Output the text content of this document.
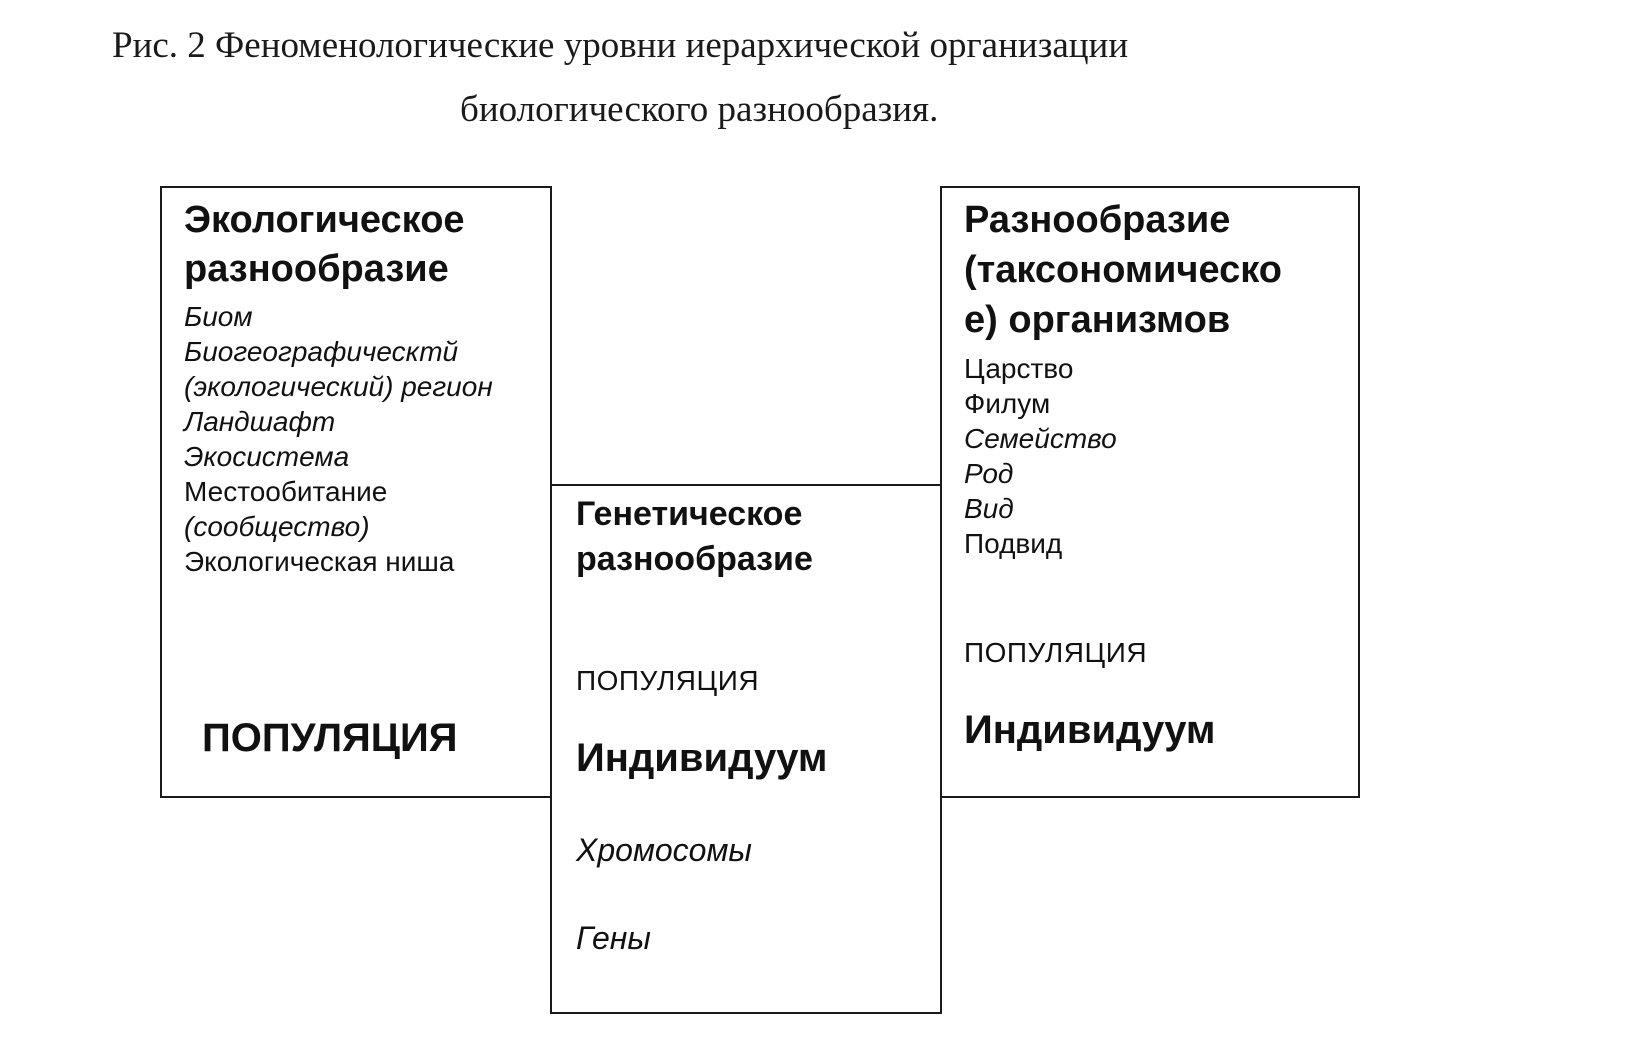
Рис. 2 Феноменологические уровни иерархической организации
биологического разнообразия.
Экологическое
разнообразие
Биом
Биогеографическтй
(экологический) регион
Ландшафт
Экосистема
Местообитание
(сообщество)
Экологическая ниша
ПОПУЛЯЦИЯ
Генетическое
разнообразие
ПОПУЛЯЦИЯ
Индивидуум
Хромосомы
Гены
Разнообразие
(таксономическо
е) организмов
Царство
Филум
Семейство
Род
Вид
Подвид
ПОПУЛЯЦИЯ
Индивидуум
